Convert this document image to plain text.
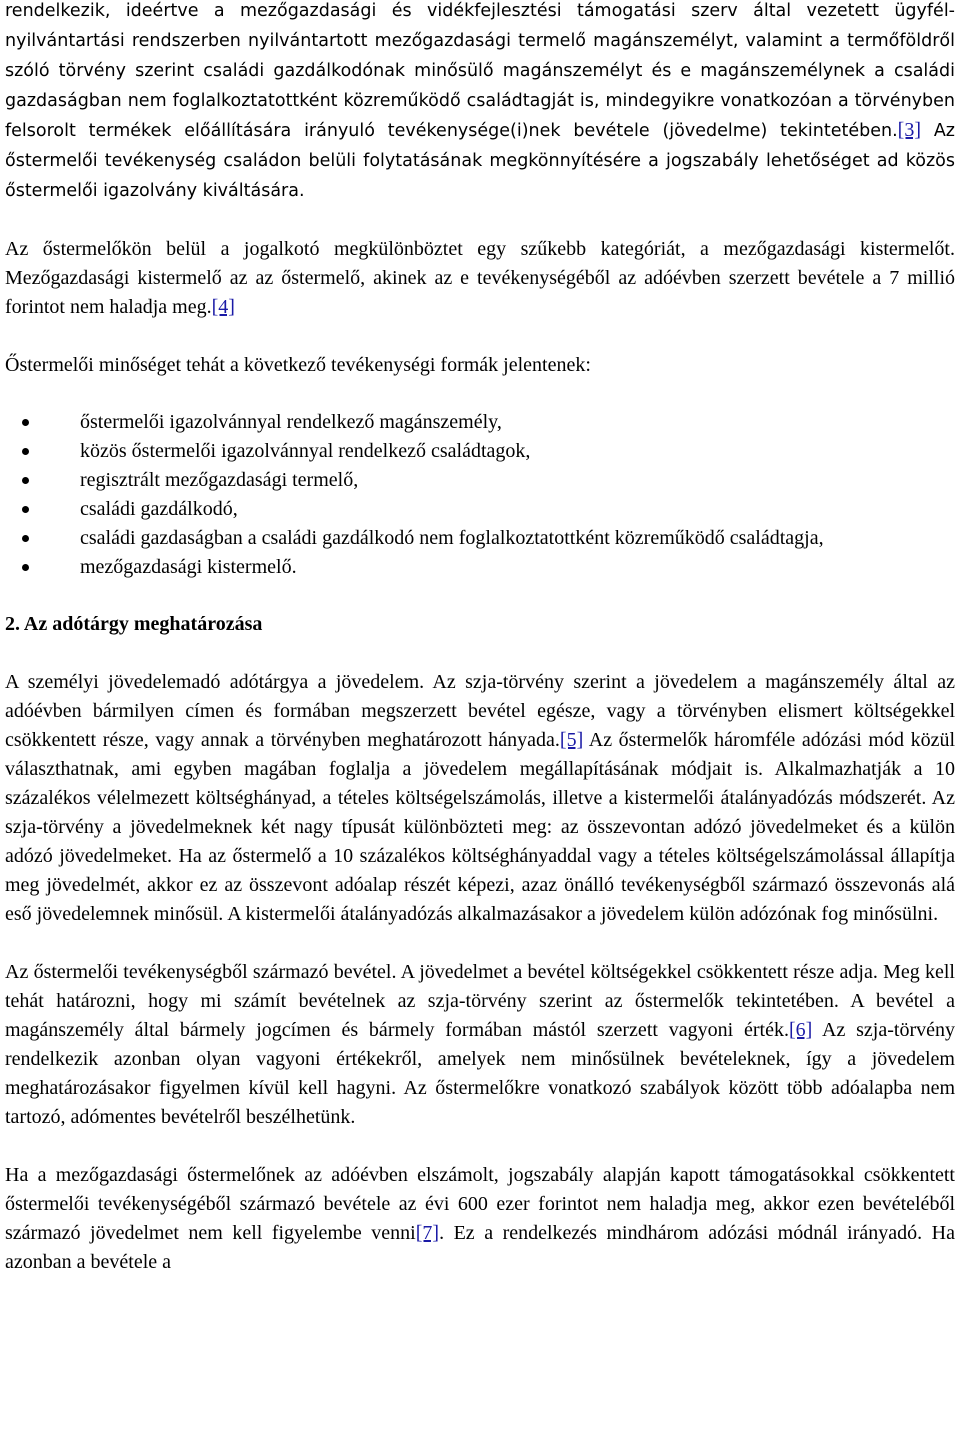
rendelkezik, ideértve a mezőgazdasági és vidékfejlesztési támogatási szerv által vezetett ügyfél-nyilvántartási rendszerben nyilvántartott mezőgazdasági termelő magánszemélyt, valamint a termőföldről szóló törvény szerint családi gazdálkodónak minősülő magánszemélyt és e magánszemélynek a családi gazdaságban nem foglalkoztatottként közreműködő családtagját is, mindegyikre vonatkozóan a törvényben felsorolt termékek előállítására irányuló tevékenysége(i)nek bevétele (jövedelme) tekintetében.[3] Az őstermelői tevékenység családon belüli folytatásának megkönnyítésére a jogszabály lehetőséget ad közös őstermelői igazolvány kiváltására.

Az őstermelőkön belül a jogalkotó megkülönböztet egy szűkebb kategóriát, a mezőgazdasági kistermelőt. Mezőgazdasági kistermelő az az őstermelő, akinek az e tevékenységéből az adóévben szerzett bevétele a 7 millió forintot nem haladja meg.[4]

Őstermelői minőséget tehát a következő tevékenységi formák jelentenek:

őstermelői igazolvánnyal rendelkező magánszemély,
közös őstermelői igazolvánnyal rendelkező családtagok,
regisztrált mezőgazdasági termelő,
családi gazdálkodó,
családi gazdaságban a családi gazdálkodó nem foglalkoztatottként közreműködő családtagja,
mezőgazdasági kistermelő.
2. Az adótárgy meghatározása

A személyi jövedelemadó adótárgya a jövedelem. Az szja-törvény szerint a jövedelem a magánszemély által az adóévben bármilyen címen és formában megszerzett bevétel egésze, vagy a törvényben elismert költségekkel csökkentett része, vagy annak a törvényben meghatározott hányada.[5] Az őstermelők háromféle adózási mód közül választhatnak, ami egyben magában foglalja a jövedelem megállapításának módjait is. Alkalmazhatják a 10 százalékos vélelmezett költséghányad, a tételes költségelszámolás, illetve a kistermelői átalányadózás módszerét. Az szja-törvény a jövedelmeknek két nagy típusát különbözteti meg: az összevontan adózó jövedelmeket és a külön adózó jövedelmeket. Ha az őstermelő a 10 százalékos költséghányaddal vagy a tételes költségelszámolással állapítja meg jövedelmét, akkor ez az összevont adóalap részét képezi, azaz önálló tevékenységből származó összevonás alá eső jövedelemnek minősül. A kistermelői átalányadózás alkalmazásakor a jövedelem külön adózónak fog minősülni.

Az őstermelői tevékenységből származó bevétel. A jövedelmet a bevétel költségekkel csökkentett része adja. Meg kell tehát határozni, hogy mi számít bevételnek az szja-törvény szerint az őstermelők tekintetében. A bevétel a magánszemély által bármely jogcímen és bármely formában mástól szerzett vagyoni érték.[6] Az szja-törvény rendelkezik azonban olyan vagyoni értékekről, amelyek nem minősülnek bevételeknek, így a jövedelem meghatározásakor figyelmen kívül kell hagyni. Az őstermelőkre vonatkozó szabályok között több adóalapba nem tartozó, adómentes bevételről beszélhetünk.

Ha a mezőgazdasági őstermelőnek az adóévben elszámolt, jogszabály alapján kapott támogatásokkal csökkentett őstermelői tevékenységéből származó bevétele az évi 600 ezer forintot nem haladja meg, akkor ezen bevételéből származó jövedelmet nem kell figyelembe venni[7]. Ez a rendelkezés mindhárom adózási módnál irányadó. Ha azonban a bevétele a
